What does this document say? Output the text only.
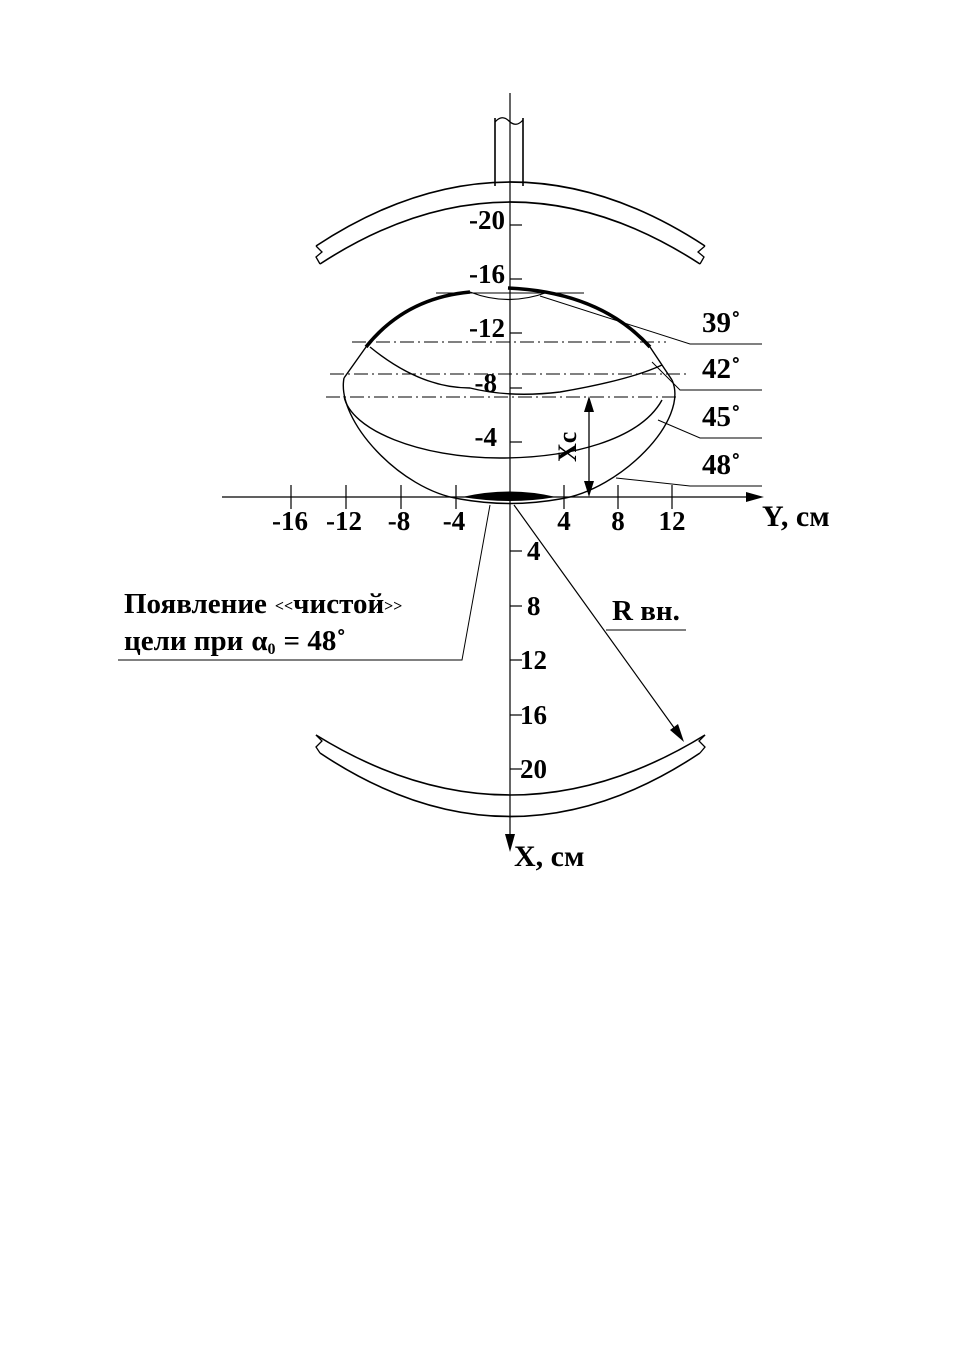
-16 -12 -8 -4	4 8 12	Y, см
-20
-16
-12
-8
-4
4
8
12
16
20
X, см
39˚
42˚
45˚
48˚
Xc
R вн.
Появление <<чистой>>
цели при α0 = 48˚
